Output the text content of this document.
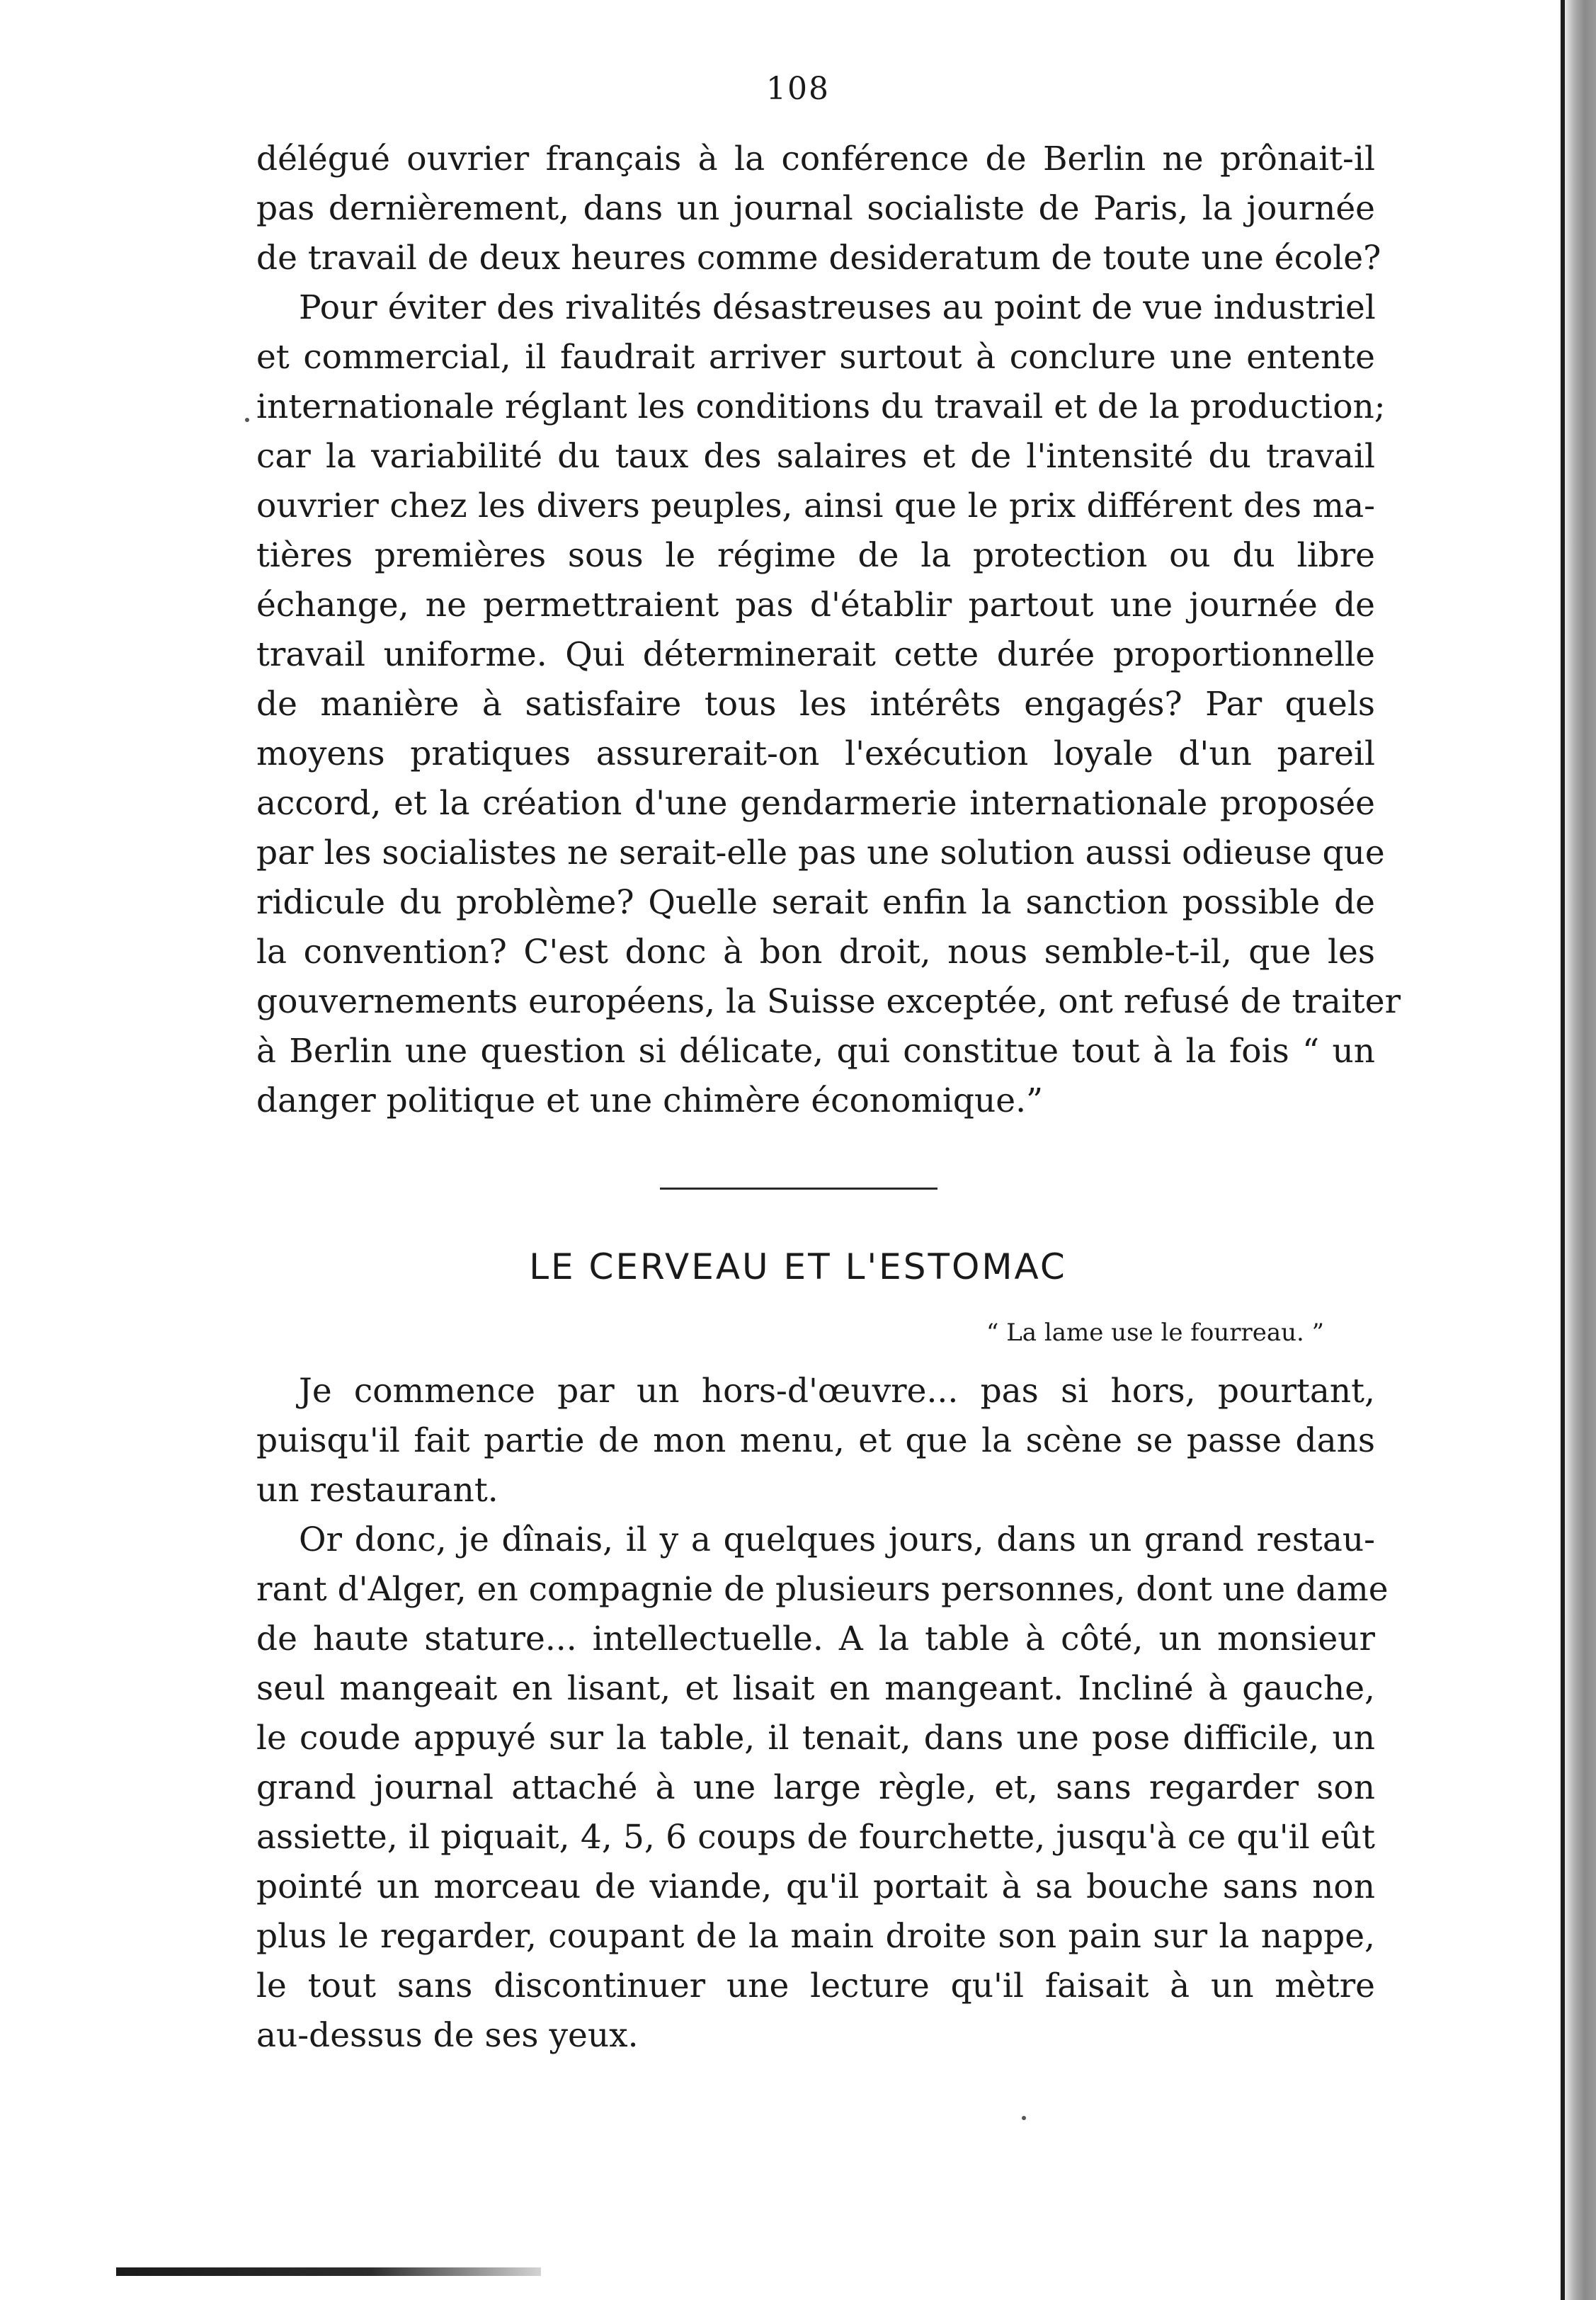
108
délégué ouvrier français à la conférence de Berlin ne prônait-il
pas dernièrement, dans un journal socialiste de Paris, la journée
de travail de deux heures comme desideratum de toute une école?
Pour éviter des rivalités désastreuses au point de vue industriel
et commercial, il faudrait arriver surtout à conclure une entente
internationale réglant les conditions du travail et de la production;
car la variabilité du taux des salaires et de l'intensité du travail
ouvrier chez les divers peuples, ainsi que le prix différent des ma-
tières premières sous le régime de la protection ou du libre
échange, ne permettraient pas d'établir partout une journée de
travail uniforme. Qui déterminerait cette durée proportionnelle
de manière à satisfaire tous les intérêts engagés? Par quels
moyens pratiques assurerait-on l'exécution loyale d'un pareil
accord, et la création d'une gendarmerie internationale proposée
par les socialistes ne serait-elle pas une solution aussi odieuse que
ridicule du problème? Quelle serait enfin la sanction possible de
la convention? C'est donc à bon droit, nous semble-t-il, que les
gouvernements européens, la Suisse exceptée, ont refusé de traiter
à Berlin une question si délicate, qui constitue tout à la fois “ un
danger politique et une chimère économique.”
LE CERVEAU ET L'ESTOMAC
“ La lame use le fourreau. ”
Je commence par un hors-d'œuvre... pas si hors, pourtant,
puisqu'il fait partie de mon menu, et que la scène se passe dans
un restaurant.
Or donc, je dînais, il y a quelques jours, dans un grand restau-
rant d'Alger, en compagnie de plusieurs personnes, dont une dame
de haute stature... intellectuelle. A la table à côté, un monsieur
seul mangeait en lisant, et lisait en mangeant. Incliné à gauche,
le coude appuyé sur la table, il tenait, dans une pose difficile, un
grand journal attaché à une large règle, et, sans regarder son
assiette, il piquait, 4, 5, 6 coups de fourchette, jusqu'à ce qu'il eût
pointé un morceau de viande, qu'il portait à sa bouche sans non
plus le regarder, coupant de la main droite son pain sur la nappe,
le tout sans discontinuer une lecture qu'il faisait à un mètre
au-dessus de ses yeux.
